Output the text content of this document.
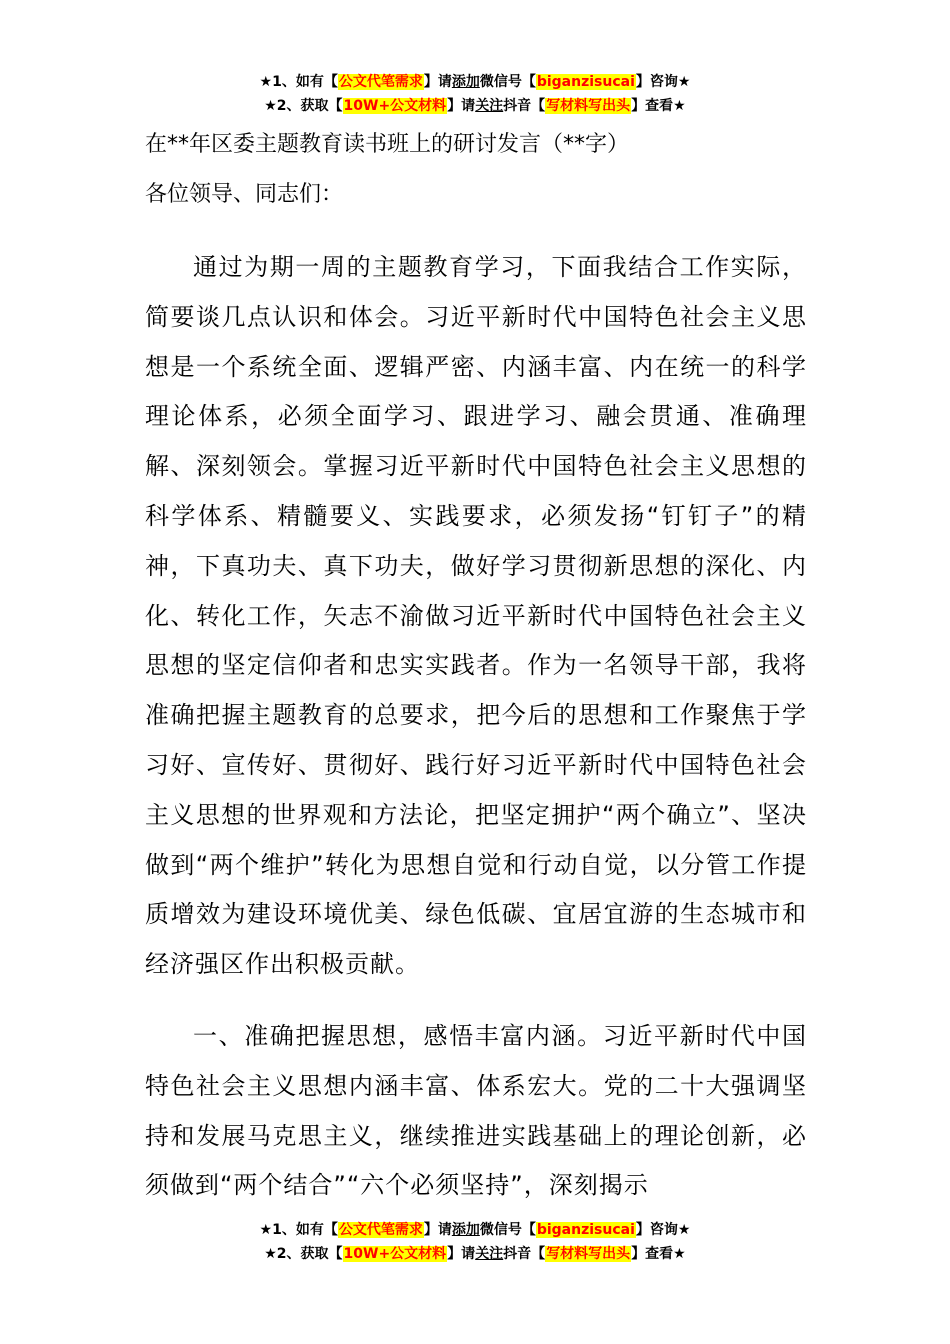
★1、如有【公文代笔需求】请添加微信号【biganzisucai】咨询★
★2、获取【10W+公文材料】请关注抖音【写材料写出头】查看★
在**年区委主题教育读书班上的研讨发言（**字）
各位领导、同志们：

通过为期一周的主题教育学习，下面我结合工作实际，简要谈几点认识和体会。习近平新时代中国特色社会主义思想是一个系统全面、逻辑严密、内涵丰富、内在统一的科学理论体系，必须全面学习、跟进学习、融会贯通、准确理解、深刻领会。掌握习近平新时代中国特色社会主义思想的科学体系、精髓要义、实践要求，必须发扬“钉钉子”的精神，下真功夫、真下功夫，做好学习贯彻新思想的深化、内化、转化工作，矢志不渝做习近平新时代中国特色社会主义思想的坚定信仰者和忠实实践者。作为一名领导干部，我将准确把握主题教育的总要求，把今后的思想和工作聚焦于学习好、宣传好、贯彻好、践行好习近平新时代中国特色社会主义思想的世界观和方法论，把坚定拥护“两个确立”、坚决做到“两个维护”转化为思想自觉和行动自觉，以分管工作提质增效为建设环境优美、绿色低碳、宜居宜游的生态城市和经济强区作出积极贡献。

一、准确把握思想，感悟丰富内涵。习近平新时代中国特色社会主义思想内涵丰富、体系宏大。党的二十大强调坚持和发展马克思主义，继续推进实践基础上的理论创新，必须做到“两个结合”“六个必须坚持”，深刻揭示

★1、如有【公文代笔需求】请添加微信号【biganzisucai】咨询★
★2、获取【10W+公文材料】请关注抖音【写材料写出头】查看★
